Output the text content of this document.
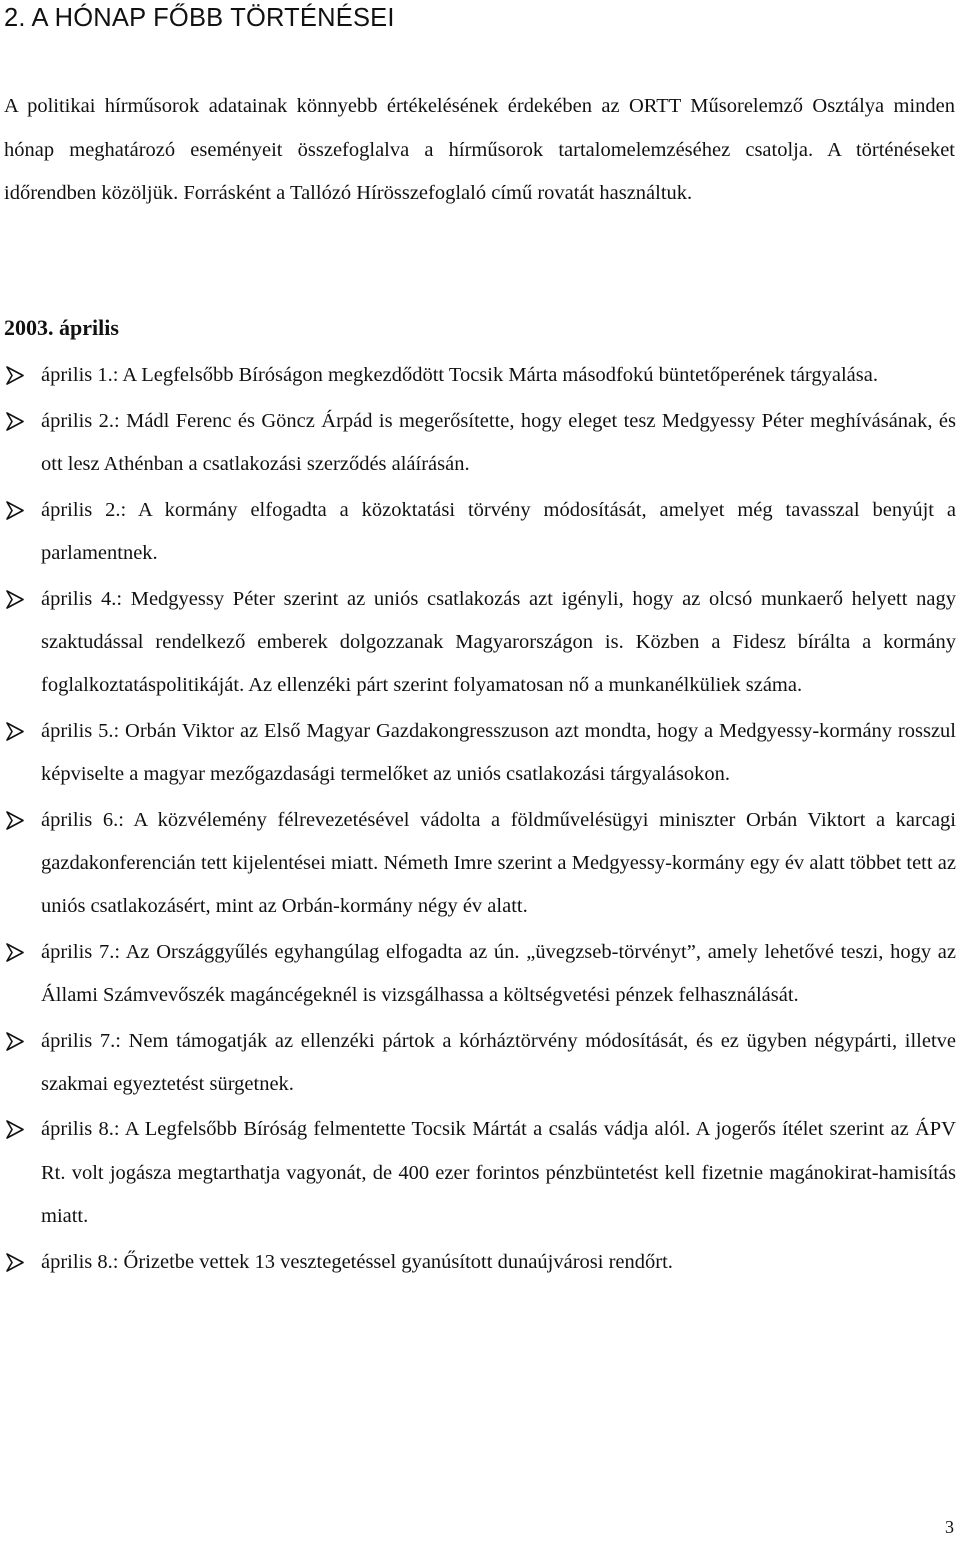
2. A HÓNAP FŐBB TÖRTÉNÉSEI

A politikai hírműsorok adatainak könnyebb értékelésének érdekében az ORTT Műsorelemző Osztálya minden hónap meghatározó eseményeit összefoglalva a hírműsorok tartalomelemzéséhez csatolja. A történéseket időrendben közöljük. Forrásként a Tallózó Hírösszefoglaló című rovatát használtuk.

2003. április
április 1.: A Legfelsőbb Bíróságon megkezdődött Tocsik Márta másodfokú büntetőperének tárgyalása.
április 2.: Mádl Ferenc és Göncz Árpád is megerősítette, hogy eleget tesz Medgyessy Péter meghívásának, és ott lesz Athénban a csatlakozási szerződés aláírásán.
április 2.: A kormány elfogadta a közoktatási törvény módosítását, amelyet még tavasszal benyújt a parlamentnek.
április 4.: Medgyessy Péter szerint az uniós csatlakozás azt igényli, hogy az olcsó munkaerő helyett nagy szaktudással rendelkező emberek dolgozzanak Magyarországon is. Közben a Fidesz bírálta a kormány foglalkoztatáspolitikáját. Az ellenzéki párt szerint folyamatosan nő a munkanélküliek száma.
április 5.: Orbán Viktor az Első Magyar Gazdakongresszuson azt mondta, hogy a Medgyessy-kormány rosszul képviselte a magyar mezőgazdasági termelőket az uniós csatlakozási tárgyalásokon.
április 6.: A közvélemény félrevezetésével vádolta a földművelésügyi miniszter Orbán Viktort a karcagi gazdakonferencián tett kijelentései miatt. Németh Imre szerint a Medgyessy-kormány egy év alatt többet tett az uniós csatlakozásért, mint az Orbán-kormány négy év alatt.
április 7.: Az Országgyűlés egyhangúlag elfogadta az ún. „üvegzseb-törvényt”, amely lehetővé teszi, hogy az Állami Számvevőszék magáncégeknél is vizsgálhassa a költségvetési pénzek felhasználását.
április 7.: Nem támogatják az ellenzéki pártok a kórháztörvény módosítását, és ez ügyben négypárti, illetve szakmai egyeztetést sürgetnek.
április 8.: A Legfelsőbb Bíróság felmentette Tocsik Mártát a csalás vádja alól. A jogerős ítélet szerint az ÁPV Rt. volt jogásza megtarthatja vagyonát, de 400 ezer forintos pénzbüntetést kell fizetnie magánokirat-hamisítás miatt.
április 8.: Őrizetbe vettek 13 vesztegetéssel gyanúsított dunaújvárosi rendőrt.
3
